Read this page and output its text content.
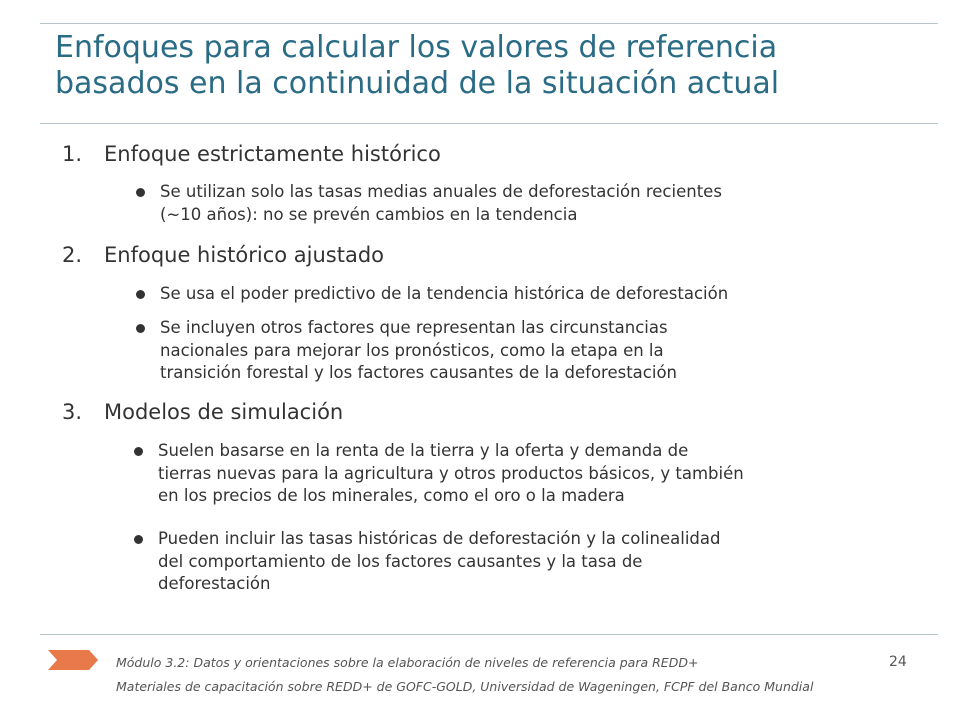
Enfoques para calcular los valores de referencia
basados en la continuidad de la situación actual
1. Enfoque estrictamente histórico
Se utilizan solo las tasas medias anuales de deforestación recientes
(~10 años): no se prevén cambios en la tendencia
2. Enfoque histórico ajustado
Se usa el poder predictivo de la tendencia histórica de deforestación
Se incluyen otros factores que representan las circunstancias
nacionales para mejorar los pronósticos, como la etapa en la
transición forestal y los factores causantes de la deforestación
3. Modelos de simulación
Suelen basarse en la renta de la tierra y la oferta y demanda de
tierras nuevas para la agricultura y otros productos básicos, y también
en los precios de los minerales, como el oro o la madera
Pueden incluir las tasas históricas de deforestación y la colinealidad
del comportamiento de los factores causantes y la tasa de
deforestación
Módulo 3.2: Datos y orientaciones sobre la elaboración de niveles de referencia para REDD+	24
Materiales de capacitación sobre REDD+ de GOFC-GOLD, Universidad de Wageningen, FCPF del Banco Mundial
